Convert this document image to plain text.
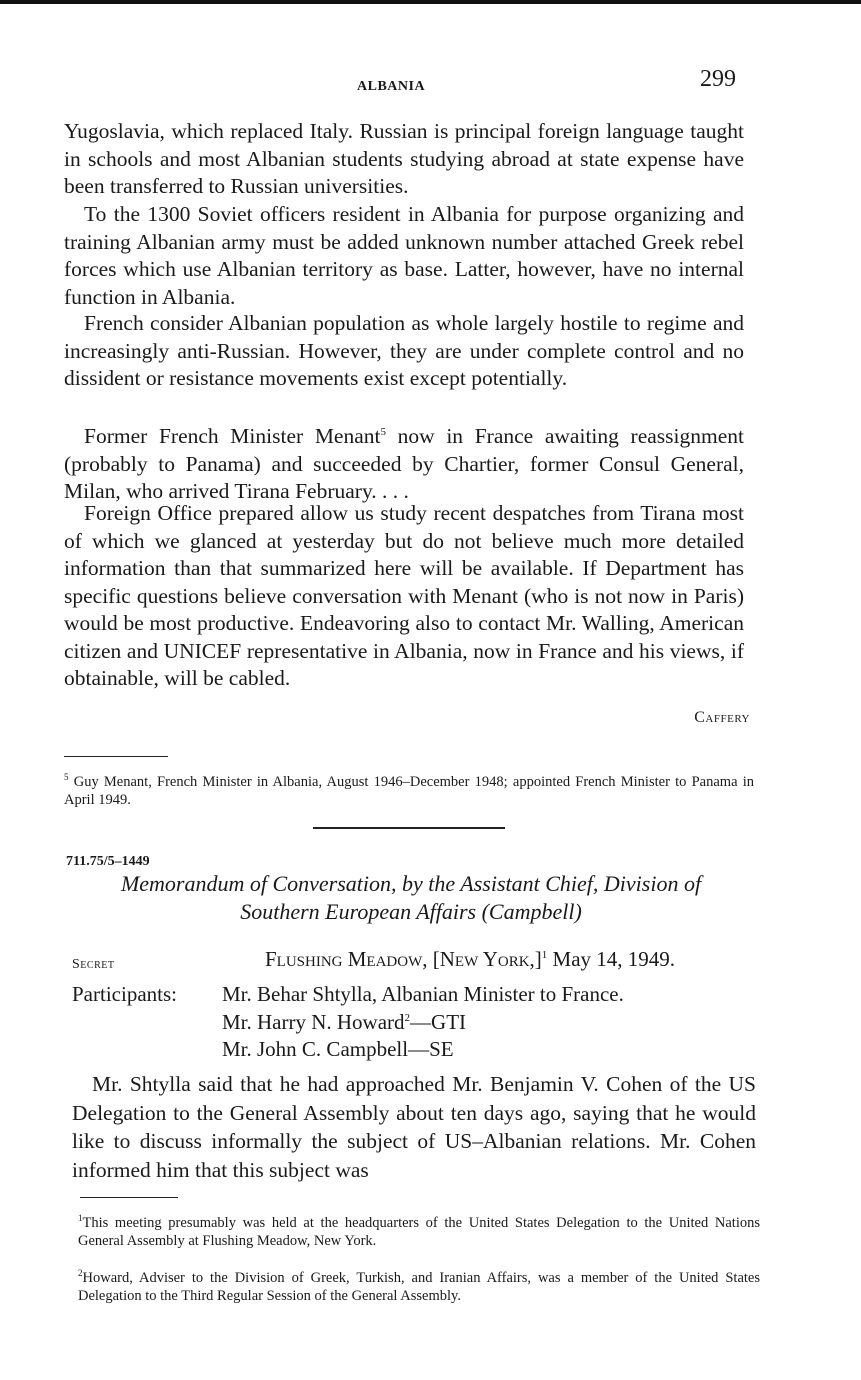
ALBANIA	299

Yugoslavia, which replaced Italy. Russian is principal foreign language taught in schools and most Albanian students studying abroad at state expense have been transferred to Russian universities.

To the 1300 Soviet officers resident in Albania for purpose organizing and training Albanian army must be added unknown number attached Greek rebel forces which use Albanian territory as base. Latter, however, have no internal function in Albania.

French consider Albanian population as whole largely hostile to regime and increasingly anti-Russian. However, they are under complete control and no dissident or resistance movements exist except potentially.

Former French Minister Menant$^5$ now in France awaiting reassignment (probably to Panama) and succeeded by Chartier, former Consul General, Milan, who arrived Tirana February. . . .

Foreign Office prepared allow us study recent despatches from Tirana most of which we glanced at yesterday but do not believe much more detailed information than that summarized here will be available. If Department has specific questions believe conversation with Menant (who is not now in Paris) would be most productive. Endeavoring also to contact Mr. Walling, American citizen and UNICEF representative in Albania, now in France and his views, if obtainable, will be cabled.

Caffery

$^5$ Guy Menant, French Minister in Albania, August 1946–December 1948; appointed French Minister to Panama in April 1949.

711.75/5–1449

Memorandum of Conversation, by the Assistant Chief, Division of
Southern European Affairs (Campbell)

Secret	Flushing Meadow, [New York,]$^1$ May 14, 1949.
Participants: Mr. Behar Shtylla, Albanian Minister to France.
Mr. Harry N. Howard$^2$—GTI
Mr. John C. Campbell—SE

Mr. Shtylla said that he had approached Mr. Benjamin V. Cohen of the US Delegation to the General Assembly about ten days ago, saying that he would like to discuss informally the subject of US–Albanian relations. Mr. Cohen informed him that this subject was

$^1$This meeting presumably was held at the headquarters of the United States Delegation to the United Nations General Assembly at Flushing Meadow, New York.

$^2$Howard, Adviser to the Division of Greek, Turkish, and Iranian Affairs, was a member of the United States Delegation to the Third Regular Session of the General Assembly.
